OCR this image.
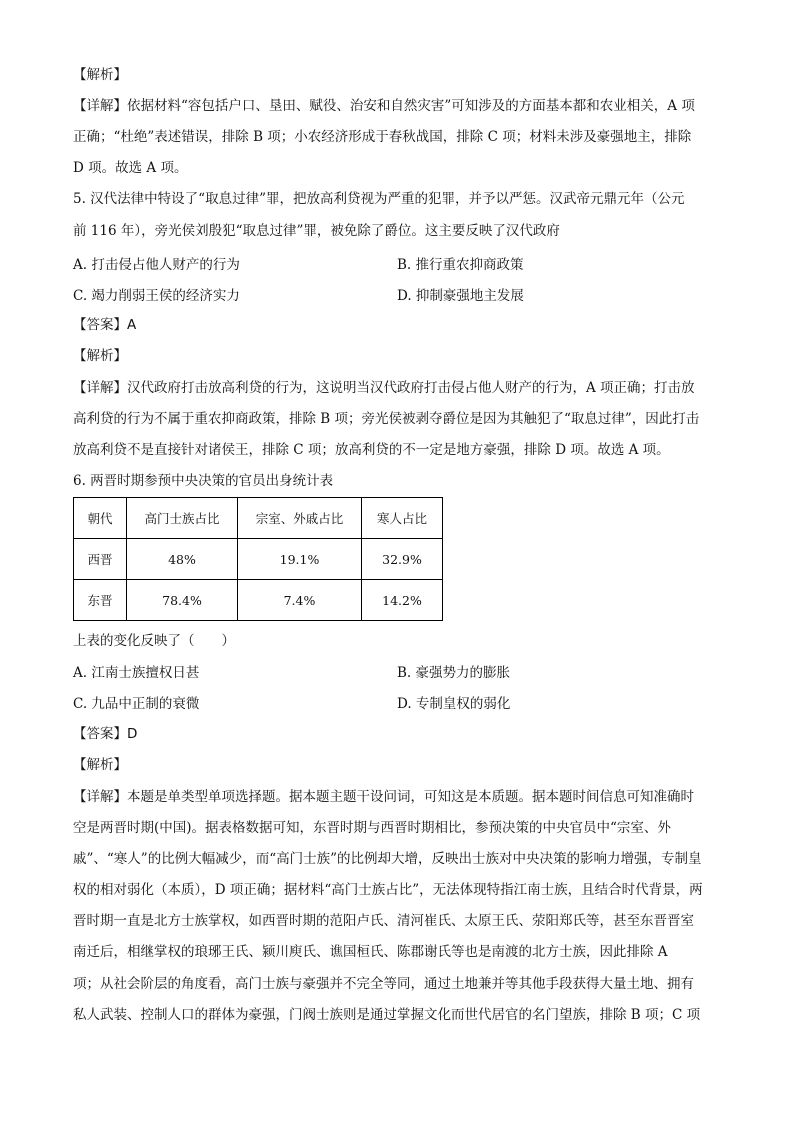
【解析】
【详解】依据材料“容包括户口、垦田、赋役、治安和自然灾害”可知涉及的方面基本都和农业相关，A 项
正确；“杜绝”表述错误，排除 B 项；小农经济形成于春秋战国，排除 C 项；材料未涉及豪强地主，排除
D 项。故选 A 项。
5. 汉代法律中特设了“取息过律”罪，把放高利贷视为严重的犯罪，并予以严惩。汉武帝元鼎元年（公元
前 116 年），旁光侯刘殷犯“取息过律”罪，被免除了爵位。这主要反映了汉代政府
A. 打击侵占他人财产的行为	B. 推行重农抑商政策
C. 竭力削弱王侯的经济实力	D. 抑制豪强地主发展
【答案】A
【解析】
【详解】汉代政府打击放高利贷的行为，这说明当汉代政府打击侵占他人财产的行为，A 项正确；打击放
高利贷的行为不属于重农抑商政策，排除 B 项；旁光侯被剥夺爵位是因为其触犯了“取息过律”，因此打击
放高利贷不是直接针对诸侯王，排除 C 项；放高利贷的不一定是地方豪强，排除 D 项。故选 A 项。
6. 两晋时期参预中央决策的官员出身统计表
朝代	高门士族占比	宗室、外戚占比	寒人占比
西晋	48%	19.1%	32.9%
东晋	78.4%	7.4%	14.2%
上表的变化反映了（　　）
A. 江南士族擅权日甚	B. 豪强势力的膨胀
C. 九品中正制的衰微	D. 专制皇权的弱化
【答案】D
【解析】
【详解】本题是单类型单项选择题。据本题主题干设问词，可知这是本质题。据本题时间信息可知准确时
空是两晋时期(中国)。据表格数据可知，东晋时期与西晋时期相比，参预决策的中央官员中“宗室、外
戚”、“寒人”的比例大幅减少，而“高门士族”的比例却大增，反映出士族对中央决策的影响力增强，专制皇
权的相对弱化（本质），D 项正确；据材料“高门士族占比”，无法体现特指江南士族，且结合时代背景，两
晋时期一直是北方士族掌权，如西晋时期的范阳卢氏、清河崔氏、太原王氏、荥阳郑氏等，甚至东晋晋室
南迁后，相继掌权的琅琊王氏、颍川庾氏、谯国桓氏、陈郡谢氏等也是南渡的北方士族，因此排除 A
项；从社会阶层的角度看，高门士族与豪强并不完全等同，通过土地兼并等其他手段获得大量土地、拥有
私人武装、控制人口的群体为豪强，门阀士族则是通过掌握文化而世代居官的名门望族，排除 B 项；C 项
